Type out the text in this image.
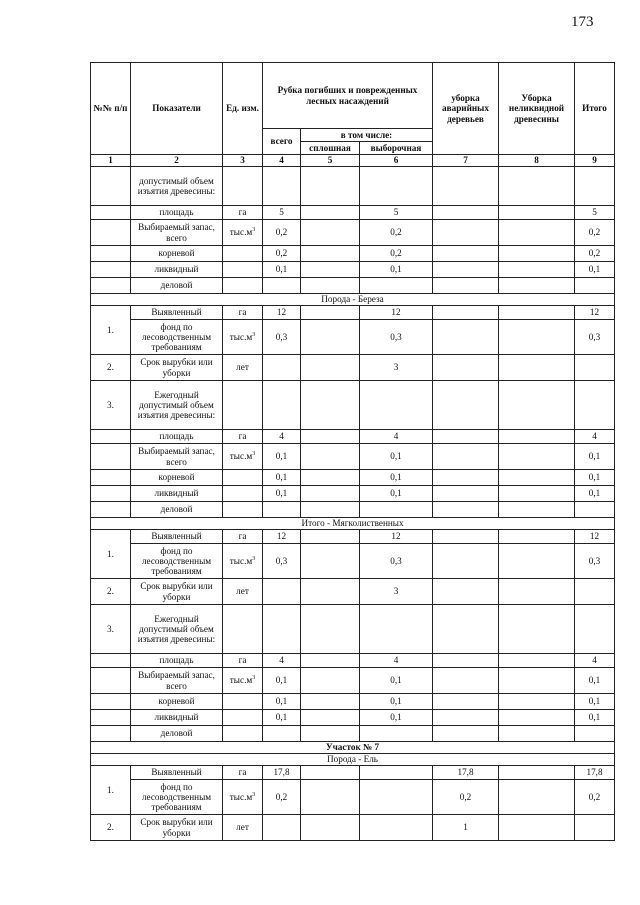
173
№№ п/п	Показатели	Ед. изм.	Рубка погибших и поврежденных лесных насаждений			уборка аварийных деревьев	Уборка неликвидной древесины	Итого
			всего	в том числе:				
				сплошная	выборочная			
1	2	3	4	5	6	7	8	9
	допустимый объем изъятия древесины:							
	площадь	га	5		5			5
	Выбираемый запас, всего	$тыс.м^3$	0,2		0,2			0,2
	корневой		0,2		0,2			0,2
	ликвидный		0,1		0,1			0,1
	деловой							
Порода - Береза								
1.	Выявленный	га	12		12			12
	фонд по лесоводственным требованиям	$тыс.м^3$	0,3		0,3			0,3
2.	Срок вырубки или уборки	лет			3			
3.	Ежегодный допустимый объем изъятия древесины:							
	площадь	га	4		4			4
	Выбираемый запас, всего	$тыс.м^3$	0,1		0,1			0,1
	корневой		0,1		0,1			0,1
	ликвидный		0,1		0,1			0,1
	деловой							
Итого - Мягколиственных								
1.	Выявленный	га	12		12			12
	фонд по лесоводственным требованиям	$тыс.м^3$	0,3		0,3			0,3
2.	Срок вырубки или уборки	лет			3			
3.	Ежегодный допустимый объем изъятия древесины:							
	площадь	га	4		4			4
	Выбираемый запас, всего	$тыс.м^3$	0,1		0,1			0,1
	корневой		0,1		0,1			0,1
	ликвидный		0,1		0,1			0,1
	деловой							
Участок № 7								
Порода - Ель								
1.	Выявленный	га	17,8			17,8		17,8
	фонд по лесоводственным требованиям	$тыс.м^3$	0,2			0,2		0,2
2.	Срок вырубки или уборки	лет				1		
